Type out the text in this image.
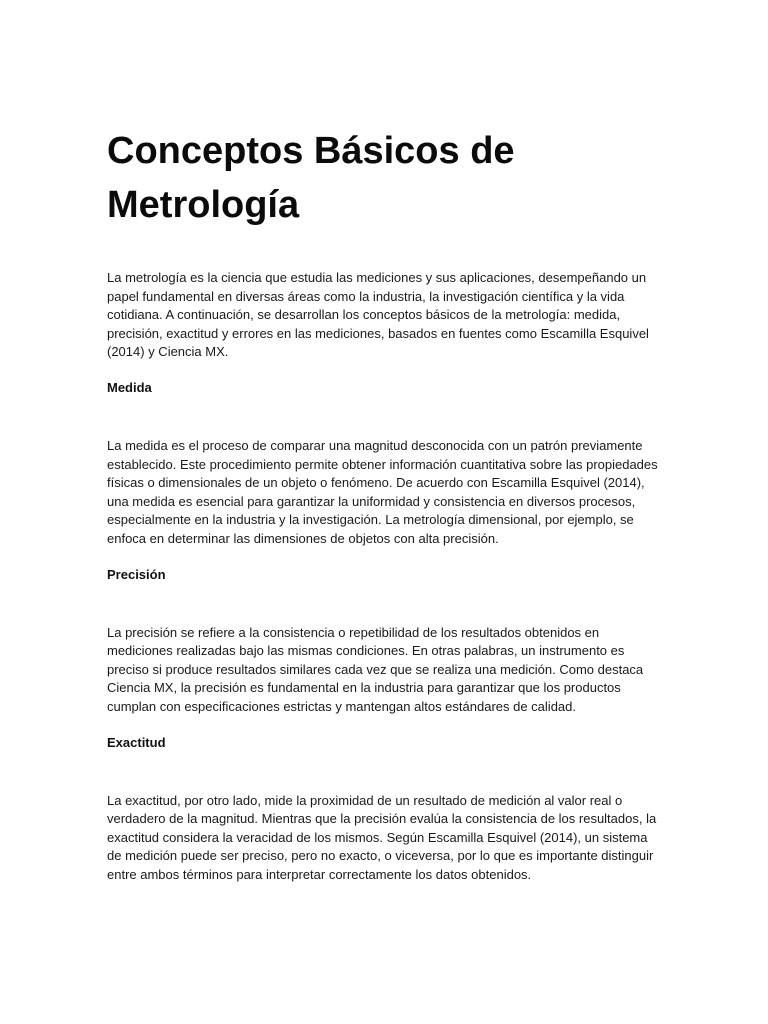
Conceptos Básicos de Metrología

La metrología es la ciencia que estudia las mediciones y sus aplicaciones, desempeñando un papel fundamental en diversas áreas como la industria, la investigación científica y la vida cotidiana. A continuación, se desarrollan los conceptos básicos de la metrología: medida, precisión, exactitud y errores en las mediciones, basados en fuentes como Escamilla Esquivel (2014) y Ciencia MX.

Medida

La medida es el proceso de comparar una magnitud desconocida con un patrón previamente establecido. Este procedimiento permite obtener información cuantitativa sobre las propiedades físicas o dimensionales de un objeto o fenómeno. De acuerdo con Escamilla Esquivel (2014), una medida es esencial para garantizar la uniformidad y consistencia en diversos procesos, especialmente en la industria y la investigación. La metrología dimensional, por ejemplo, se enfoca en determinar las dimensiones de objetos con alta precisión.

Precisión

La precisión se refiere a la consistencia o repetibilidad de los resultados obtenidos en mediciones realizadas bajo las mismas condiciones. En otras palabras, un instrumento es preciso si produce resultados similares cada vez que se realiza una medición. Como destaca Ciencia MX, la precisión es fundamental en la industria para garantizar que los productos cumplan con especificaciones estrictas y mantengan altos estándares de calidad.

Exactitud

La exactitud, por otro lado, mide la proximidad de un resultado de medición al valor real o verdadero de la magnitud. Mientras que la precisión evalúa la consistencia de los resultados, la exactitud considera la veracidad de los mismos. Según Escamilla Esquivel (2014), un sistema de medición puede ser preciso, pero no exacto, o viceversa, por lo que es importante distinguir entre ambos términos para interpretar correctamente los datos obtenidos.
